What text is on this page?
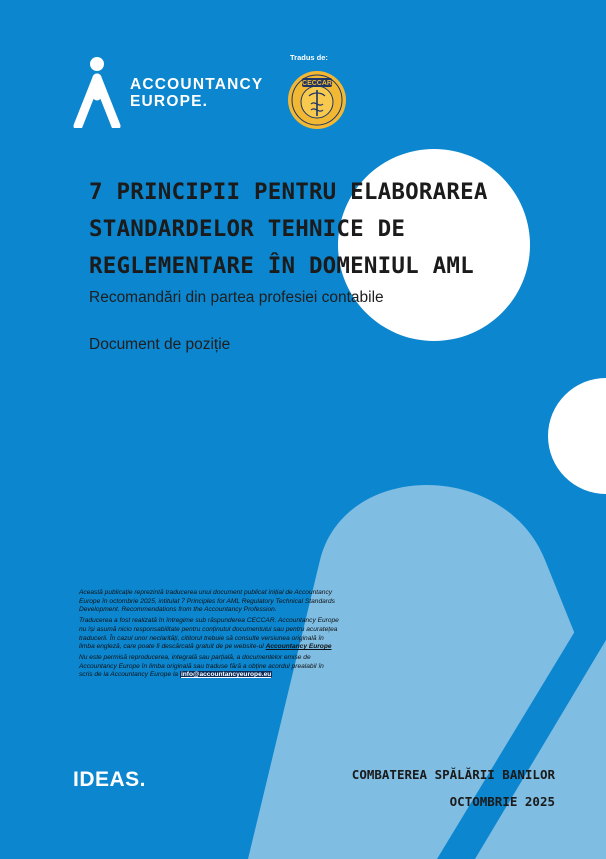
ACCOUNTANCY
EUROPE.
Tradus de:
CECCAR
7 PRINCIPII PENTRU ELABORAREA
STANDARDELOR TEHNICE DE
REGLEMENTARE ÎN DOMENIUL AML
Recomandări din partea profesiei contabile
Document de poziție

Această publicație reprezintă traducerea unui document publicat inițial de Accountancy Europe în octombrie 2025, intitulat 7 Principles for AML Regulatory Technical Standards Development. Recommendations from the Accountancy Profession.

Traducerea a fost realizată în întregime sub răspunderea CECCAR. Accountancy Europe nu își asumă nicio responsabilitate pentru conținutul documentului sau pentru acuratețea traducerii. În cazul unor neclarități, cititorul trebuie să consulte versiunea originală în limba engleză, care poate fi descărcată gratuit de pe website-ul Accountancy Europe

Nu este permisă reproducerea, integrală sau parțială, a documentelor emise de Accountancy Europe în limba originală sau traduse fără a obține acordul prealabil în scris de la Accountancy Europe la info@accountancyeurope.eu

IDEAS.	COMBATEREA SPĂLĂRII BANILOR
OCTOMBRIE 2025
